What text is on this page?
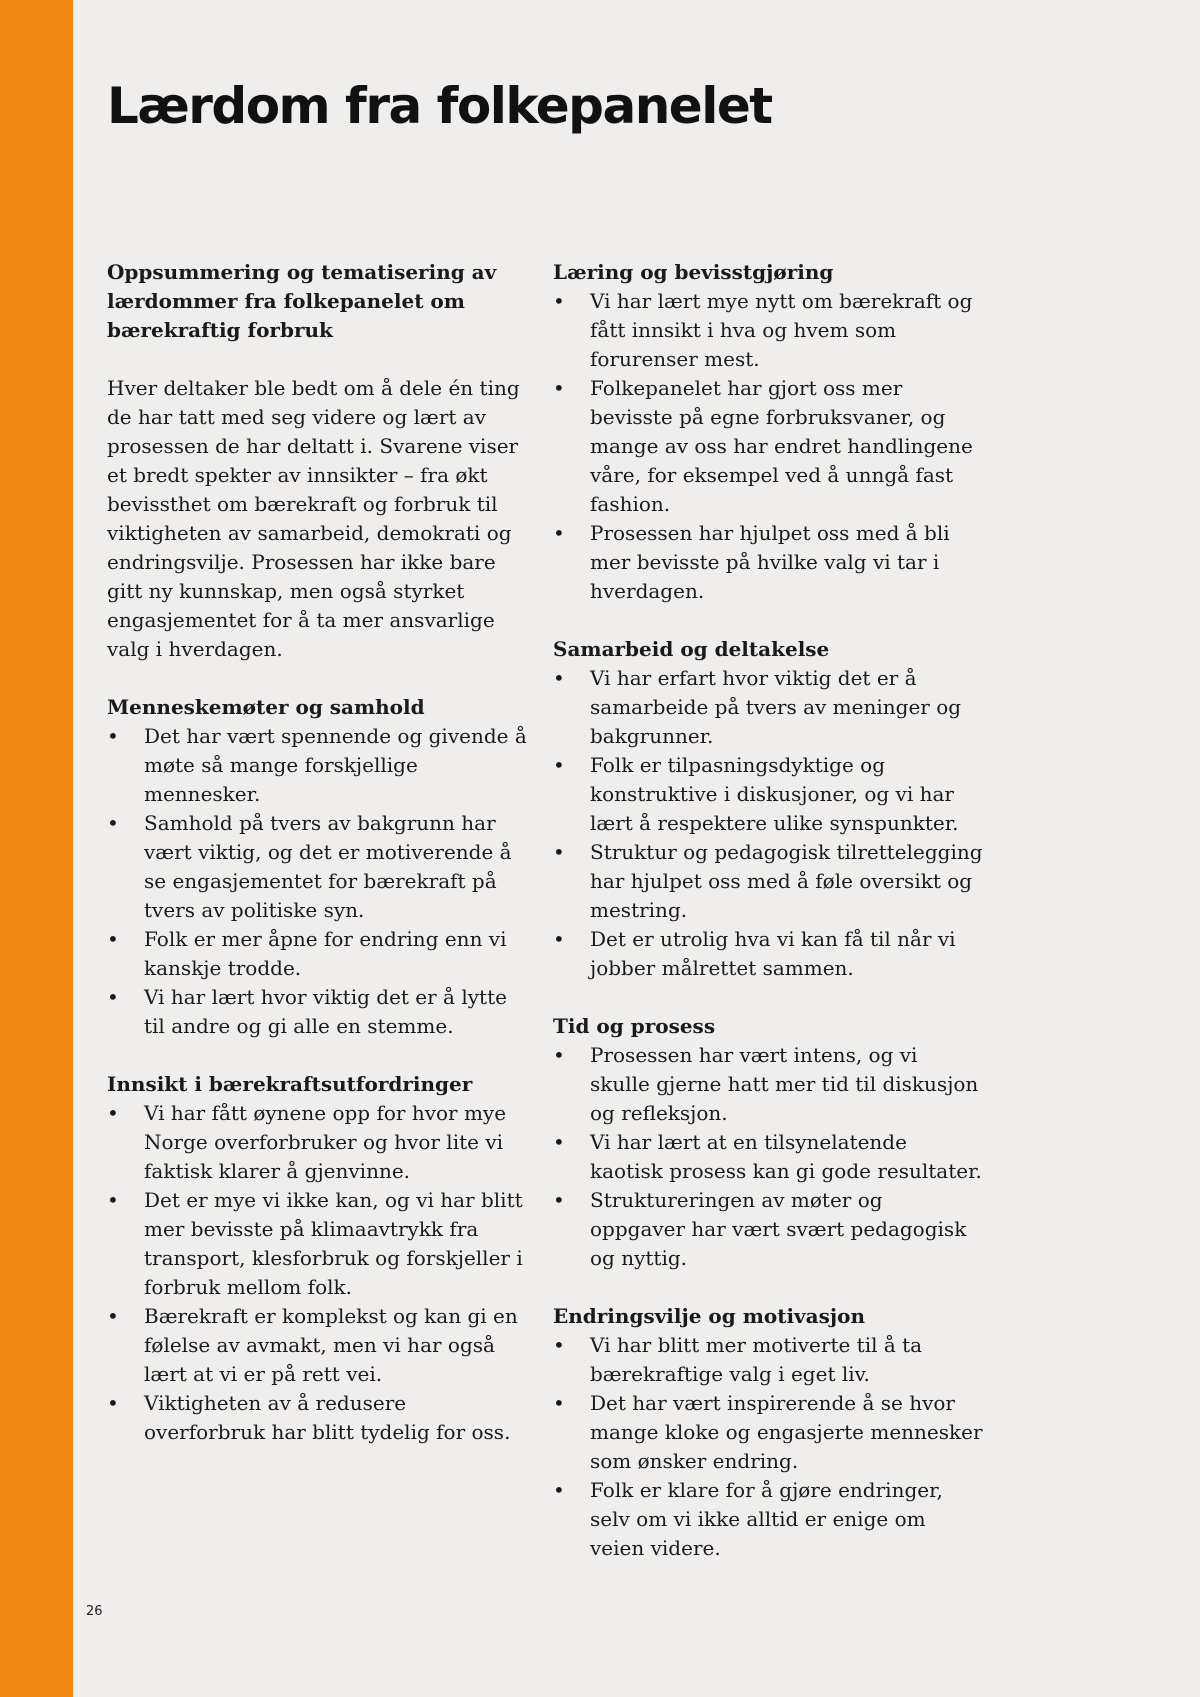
Lærdom fra folkepanelet

Oppsummering og tematisering av lærdommer fra folkepanelet om bærekraftig forbruk

Hver deltaker ble bedt om å dele én ting de har tatt med seg videre og lært av prosessen de har deltatt i. Svarene viser et bredt spekter av innsikter – fra økt bevissthet om bærekraft og forbruk til viktigheten av samarbeid, demokrati og endringsvilje. Prosessen har ikke bare gitt ny kunnskap, men også styrket engasjementet for å ta mer ansvarlige valg i hverdagen.

Menneskemøter og samhold

• Det har vært spennende og givende å møte så mange forskjellige mennesker.
• Samhold på tvers av bakgrunn har vært viktig, og det er motiverende å se engasjementet for bærekraft på tvers av politiske syn.
• Folk er mer åpne for endring enn vi kanskje trodde.
• Vi har lært hvor viktig det er å lytte til andre og gi alle en stemme.

Innsikt i bærekraftsutfordringer

• Vi har fått øynene opp for hvor mye Norge overforbruker og hvor lite vi faktisk klarer å gjenvinne.
• Det er mye vi ikke kan, og vi har blitt mer bevisste på klimaavtrykk fra transport, klesforbruk og forskjeller i forbruk mellom folk.
• Bærekraft er komplekst og kan gi en følelse av avmakt, men vi har også lært at vi er på rett vei.
• Viktigheten av å redusere overforbruk har blitt tydelig for oss.

Læring og bevisstgjøring

• Vi har lært mye nytt om bærekraft og fått innsikt i hva og hvem som forurenser mest.
• Folkepanelet har gjort oss mer bevisste på egne forbruksvaner, og mange av oss har endret handlingene våre, for eksempel ved å unngå fast fashion.
• Prosessen har hjulpet oss med å bli mer bevisste på hvilke valg vi tar i hverdagen.

Samarbeid og deltakelse

• Vi har erfart hvor viktig det er å samarbeide på tvers av meninger og bakgrunner.
• Folk er tilpasningsdyktige og konstruktive i diskusjoner, og vi har lært å respektere ulike synspunkter.
• Struktur og pedagogisk tilrettelegging har hjulpet oss med å føle oversikt og mestring.
• Det er utrolig hva vi kan få til når vi jobber målrettet sammen.

Tid og prosess

• Prosessen har vært intens, og vi skulle gjerne hatt mer tid til diskusjon og refleksjon.
• Vi har lært at en tilsynelatende kaotisk prosess kan gi gode resultater.
• Struktureringen av møter og oppgaver har vært svært pedagogisk og nyttig.

Endringsvilje og motivasjon

• Vi har blitt mer motiverte til å ta bærekraftige valg i eget liv.
• Det har vært inspirerende å se hvor mange kloke og engasjerte mennesker som ønsker endring.
• Folk er klare for å gjøre endringer, selv om vi ikke alltid er enige om veien videre.
26
